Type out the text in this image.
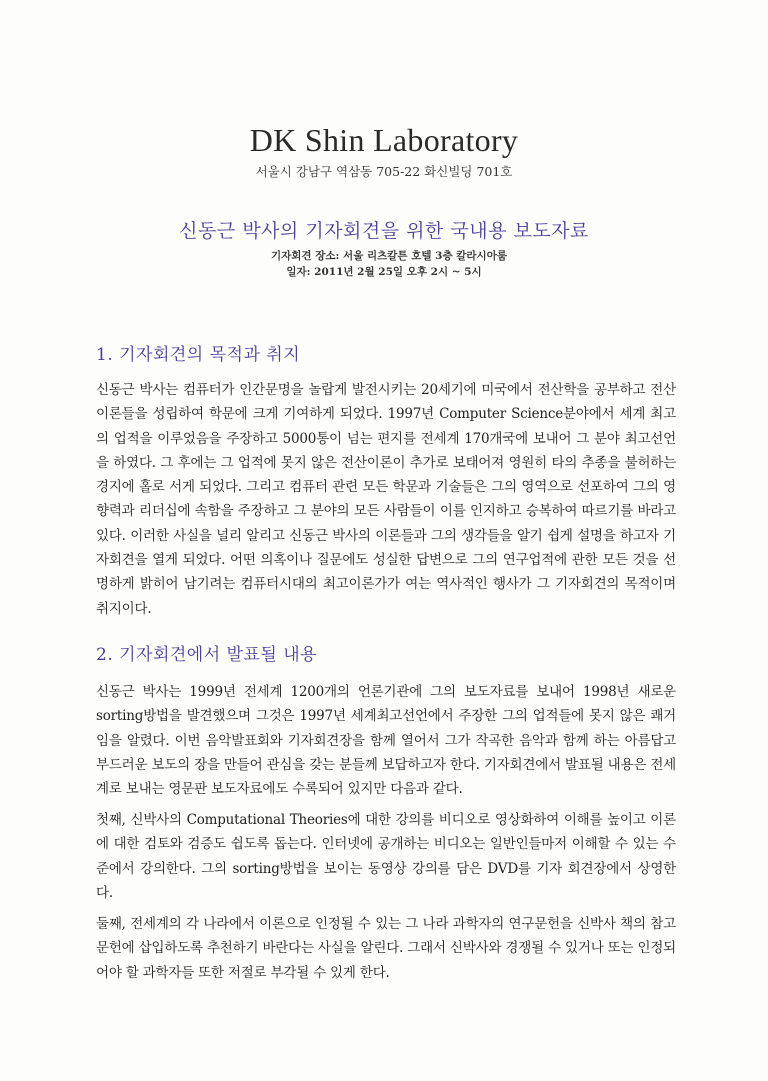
DK Shin Laboratory
서울시 강남구 역삼동 705-22 화신빌딩 701호
신동근 박사의 기자회견을 위한 국내용 보도자료
기자회견 장소: 서울 리츠칼튼 호텔 3층 칼라시아룸
일자: 2011년 2월 25일 오후 2시 ~ 5시
1. 기자회견의 목적과 취지
신동근 박사는 컴퓨터가 인간문명을 놀랍게 발전시키는 20세기에 미국에서 전산학을 공부하고 전산이론들을 성립하여 학문에 크게 기여하게 되었다. 1997년 Computer Science분야에서 세계 최고의 업적을 이루었음을 주장하고 5000통이 넘는 편지를 전세계 170개국에 보내어 그 분야 최고선언을 하였다. 그 후에는 그 업적에 못지 않은 전산이론이 추가로 보태어져 영원히 타의 추종을 불허하는 경지에 홀로 서게 되었다. 그리고 컴퓨터 관련 모든 학문과 기술들은 그의 영역으로 선포하여 그의 영향력과 리더십에 속함을 주장하고 그 분야의 모든 사람들이 이를 인지하고 승복하여 따르기를 바라고 있다. 이러한 사실을 널리 알리고 신동근 박사의 이론들과 그의 생각들을 알기 쉽게 설명을 하고자 기자회견을 열게 되었다. 어떤 의혹이나 질문에도 성실한 답변으로 그의 연구업적에 관한 모든 것을 선명하게 밝히어 남기려는 컴퓨터시대의 최고이론가가 여는 역사적인 행사가 그 기자회견의 목적이며 취지이다.
2. 기자회견에서 발표될 내용
신동근 박사는 1999년 전세계 1200개의 언론기관에 그의 보도자료를 보내어 1998년 새로운 sorting방법을 발견했으며 그것은 1997년 세계최고선언에서 주장한 그의 업적들에 못지 않은 쾌거임을 알렸다. 이번 음악발표회와 기자회견장을 함께 열어서 그가 작곡한 음악과 함께 하는 아름답고 부드러운 보도의 장을 만들어 관심을 갖는 분들께 보답하고자 한다. 기자회견에서 발표될 내용은 전세계로 보내는 영문판 보도자료에도 수록되어 있지만 다음과 같다.
첫째, 신박사의 Computational Theories에 대한 강의를 비디오로 영상화하여 이해를 높이고 이론에 대한 검토와 검증도 쉽도록 돕는다. 인터넷에 공개하는 비디오는 일반인들마저 이해할 수 있는 수준에서 강의한다. 그의 sorting방법을 보이는 동영상 강의를 담은 DVD를 기자 회견장에서 상영한다.
둘째, 전세계의 각 나라에서 이론으로 인정될 수 있는 그 나라 과학자의 연구문헌을 신박사 책의 참고문헌에 삽입하도록 추천하기 바란다는 사실을 알린다. 그래서 신박사와 경쟁될 수 있거나 또는 인정되어야 할 과학자들 또한 저절로 부각될 수 있게 한다.
